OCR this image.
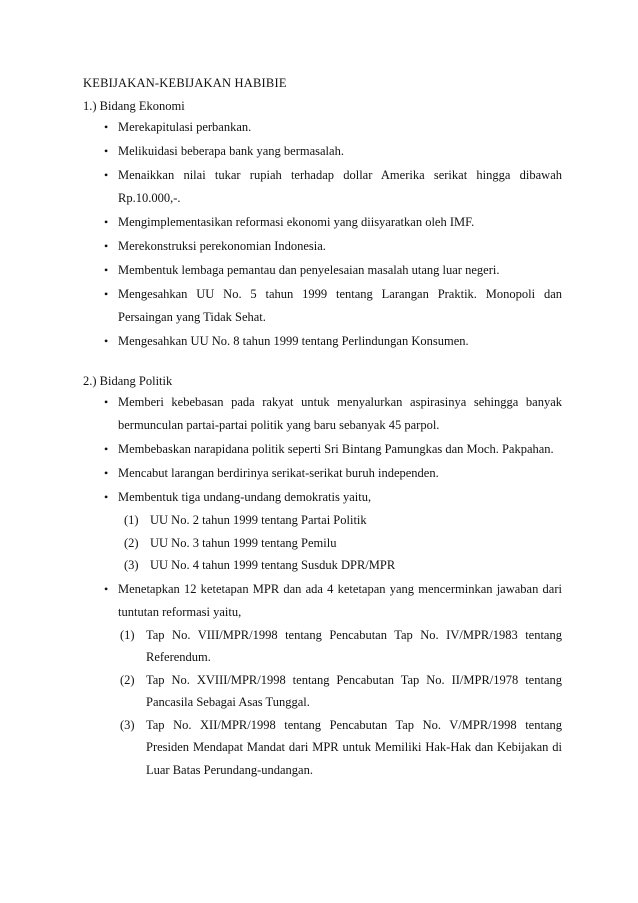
KEBIJAKAN-KEBIJAKAN HABIBIE
1.) Bidang Ekonomi
• Merekapitulasi perbankan.
• Melikuidasi beberapa bank yang bermasalah.
• Menaikkan nilai tukar rupiah terhadap dollar Amerika serikat hingga dibawah Rp.10.000,-.
• Mengimplementasikan reformasi ekonomi yang diisyaratkan oleh IMF.
• Merekonstruksi perekonomian Indonesia.
• Membentuk lembaga pemantau dan penyelesaian masalah utang luar negeri.
• Mengesahkan UU No. 5 tahun 1999 tentang Larangan Praktik. Monopoli dan Persaingan yang Tidak Sehat.
• Mengesahkan UU No. 8 tahun 1999 tentang Perlindungan Konsumen.
2.) Bidang Politik
• Memberi kebebasan pada rakyat untuk menyalurkan aspirasinya sehingga banyak bermunculan partai-partai politik yang baru sebanyak 45 parpol.
• Membebaskan narapidana politik seperti Sri Bintang Pamungkas dan Moch. Pakpahan.
• Mencabut larangan berdirinya serikat-serikat buruh independen.
• Membentuk tiga undang-undang demokratis yaitu,
(1) UU No. 2 tahun 1999 tentang Partai Politik
(2) UU No. 3 tahun 1999 tentang Pemilu
(3) UU No. 4 tahun 1999 tentang Susduk DPR/MPR
• Menetapkan 12 ketetapan MPR dan ada 4 ketetapan yang mencerminkan jawaban dari tuntutan reformasi yaitu,
(1) Tap No. VIII/MPR/1998 tentang Pencabutan Tap No. IV/MPR/1983 tentang Referendum.
(2) Tap No. XVIII/MPR/1998 tentang Pencabutan Tap No. II/MPR/1978 tentang Pancasila Sebagai Asas Tunggal.
(3) Tap No. XII/MPR/1998 tentang Pencabutan Tap No. V/MPR/1998 tentang Presiden Mendapat Mandat dari MPR untuk Memiliki Hak-Hak dan Kebijakan di Luar Batas Perundang-undangan.
